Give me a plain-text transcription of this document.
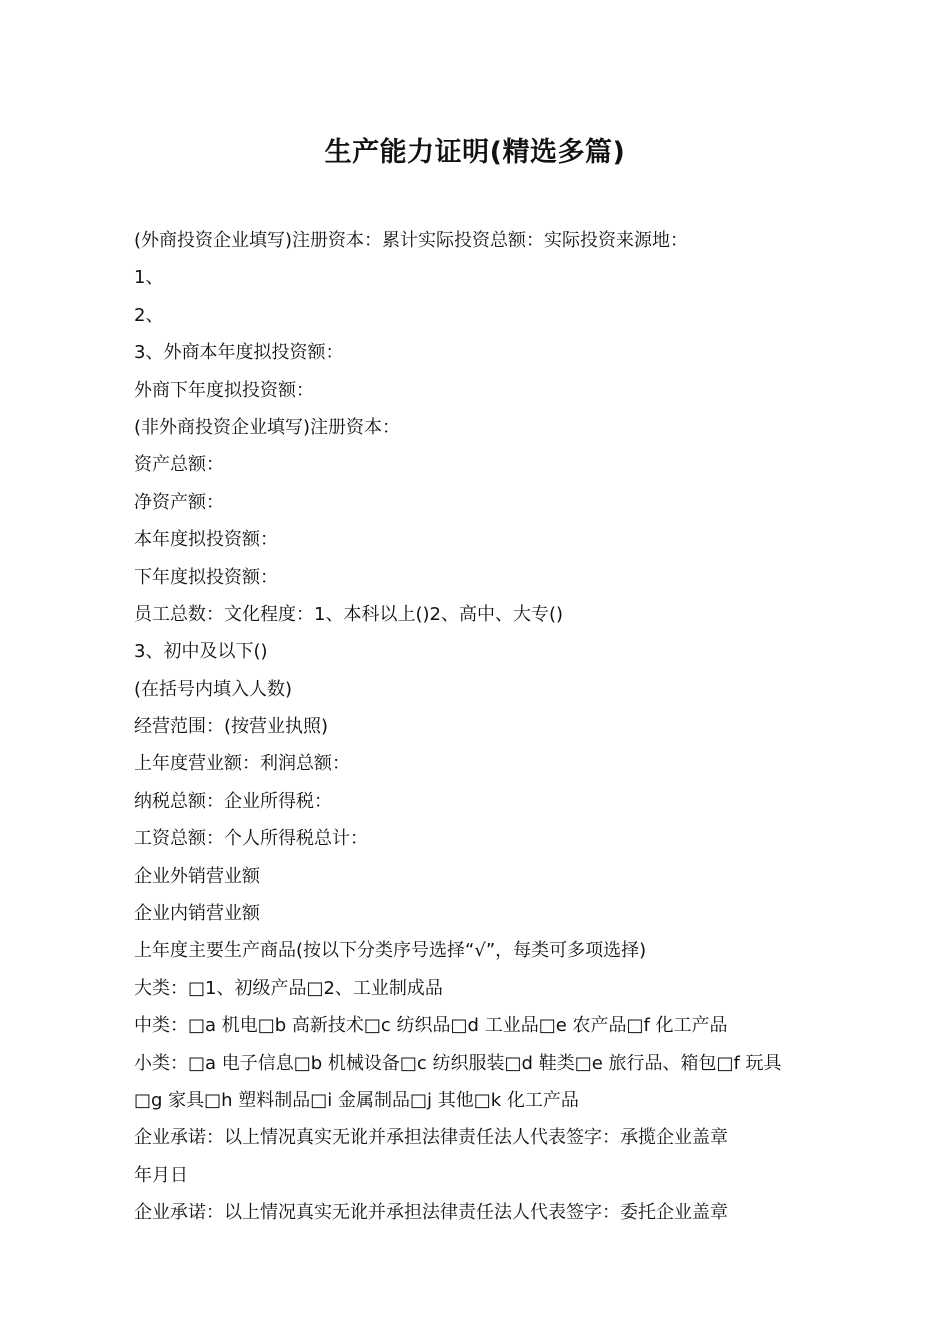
生产能力证明(精选多篇)
(外商投资企业填写)注册资本：累计实际投资总额：实际投资来源地：
1、
2、
3、外商本年度拟投资额：
外商下年度拟投资额：
(非外商投资企业填写)注册资本：
资产总额：
净资产额：
本年度拟投资额：
下年度拟投资额：
员工总数：文化程度：1、本科以上()2、高中、大专()
3、初中及以下()
(在括号内填入人数)
经营范围：(按营业执照)
上年度营业额：利润总额：
纳税总额：企业所得税：
工资总额：个人所得税总计：
企业外销营业额
企业内销营业额
上年度主要生产商品(按以下分类序号选择“√”，每类可多项选择)
大类：□1、初级产品□2、工业制成品
中类：□a 机电□b 高新技术□c 纺织品□d 工业品□e 农产品□f 化工产品
小类：□a 电子信息□b 机械设备□c 纺织服装□d 鞋类□e 旅行品、箱包□f 玩具
□g 家具□h 塑料制品□i 金属制品□j 其他□k 化工产品
企业承诺：以上情况真实无讹并承担法律责任法人代表签字：承揽企业盖章
年月日
企业承诺：以上情况真实无讹并承担法律责任法人代表签字：委托企业盖章
